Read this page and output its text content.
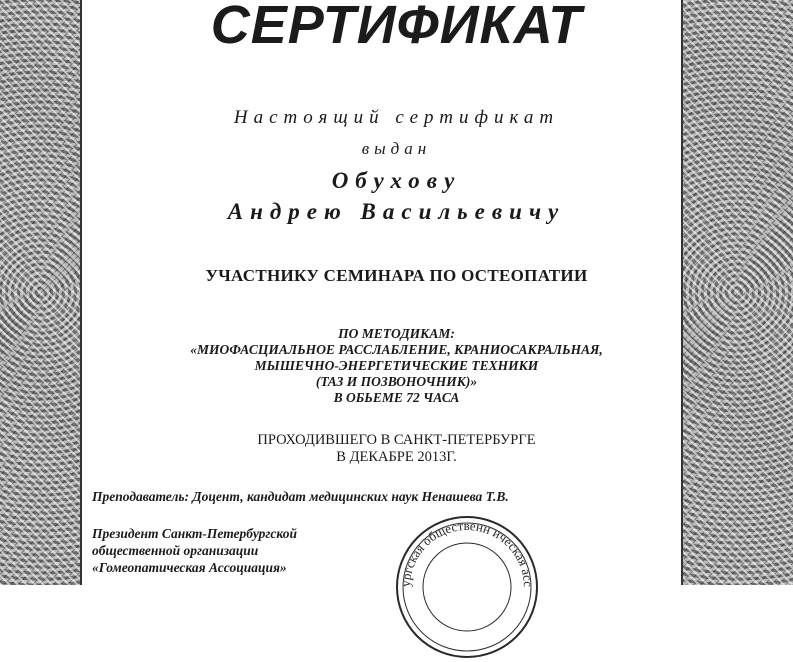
СЕРТИФИКАТ
Настоящий сертификат
выдан
Обухову
Андрею Васильевичу
УЧАСТНИКУ СЕМИНАРА ПО ОСТЕОПАТИИ
ПО МЕТОДИКАМ:
«МИОФАСЦИАЛЬНОЕ РАССЛАБЛЕНИЕ, КРАНИОСАКРАЛЬНАЯ,
МЫШЕЧНО-ЭНЕРГЕТИЧЕСКИЕ ТЕХНИКИ
(ТАЗ И ПОЗВОНОЧНИК)»
В ОБЬЕМЕ 72 ЧАСА
ПРОХОДИВШЕГО В САНКТ-ПЕТЕРБУРГЕ
В ДЕКАБРЕ 2013Г.
Преподаватель: Доцент, кандидат медицинских наук Ненашева Т.В.
Президент Санкт-Петербургской
общественной организации
«Гомеопатическая Ассоциация»
ургская общественн ическая асс
